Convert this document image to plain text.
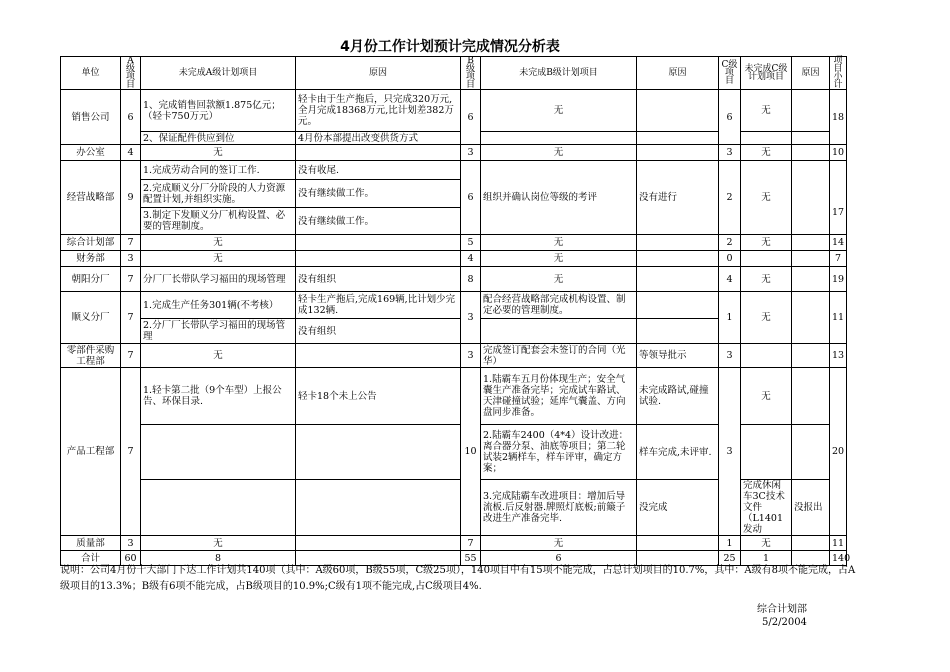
4月份工作计划预计完成情况分析表
单位	A级项目	未完成A级计划项目	原因	B级项目	未完成B级计划项目	原因	C级项目	未完成C级计划项目	原因	项目小计
销售公司	6	1、完成销售回款额1.875亿元；（轻卡750万元）	轻卡由于生产拖后，只完成320万元,全月完成18368万元,比计划差382万元。	6	无		6	无		18
		2、保证配件供应到位	4月份本部提出改变供货方式							
办公室	4	无		3	无		3	无		10
经营战略部	9	1.完成劳动合同的签订工作.	没有收尾.	6	组织并确认岗位等级的考评	没有进行	2	无		17
		2.完成顺义分厂分阶段的人力资源配置计划,并组织实施。	没有继续做工作。							
		3.制定下发顺义分厂机构设置、必要的管理制度。	没有继续做工作。							
综合计划部	7	无		5	无		2	无		14
财务部	3	无		4	无		0			7
朝阳分厂	7	分厂厂长带队学习福田的现场管理	没有组织	8	无		4	无		19
顺义分厂	7	1.完成生产任务301辆(不考核）	轻卡生产拖后,完成169辆,比计划少完成132辆.	3	配合经营战略部完成机构设置、制定必要的管理制度。		1	无		11
		2.分厂厂长带队学习福田的现场管理	没有组织							
零部件采购工程部	7	无		3	完成签订配套会未签订的合同（光华）	等领导批示	3			13
产品工程部	7	1.轻卡第二批（9个车型）上报公告、环保目录.	轻卡18个未上公告	10	1.陆霸车五月份体现生产；安全气囊生产准备完毕；完成试车路试、天津碰撞试验；延库气囊盖、方向盘同步准备。	未完成路试,碰撞试验.	3	无		20
					2.陆霸车2400（4*4）设计改进：离合器分泵、油底等项目；第二轮试装2辆样车，样车评审，确定方案；	样车完成,未评审.				
					3.完成陆霸车改进项目：增加后导流板.后反射器.牌照灯底板;前簸子改进生产准备完毕.	没完成		完成休闲车3C技术文件（L1401发动	没报出	
质量部	3	无		7	无		1	无		11
合计	60	8		55	6		25	1		140
说明：公司4月份十大部门下达工作计划共140项（其中：A级60项，B级55项，C级25项），140项目中有15项不能完成，占总计划项目的10.7%，其中：A级有8项不能完成，占A级项目的13.3%；B级有6项不能完成，占B级项目的10.9%;C级有1项不能完成,占C级项目4%.
综合计划部
5/2/2004
